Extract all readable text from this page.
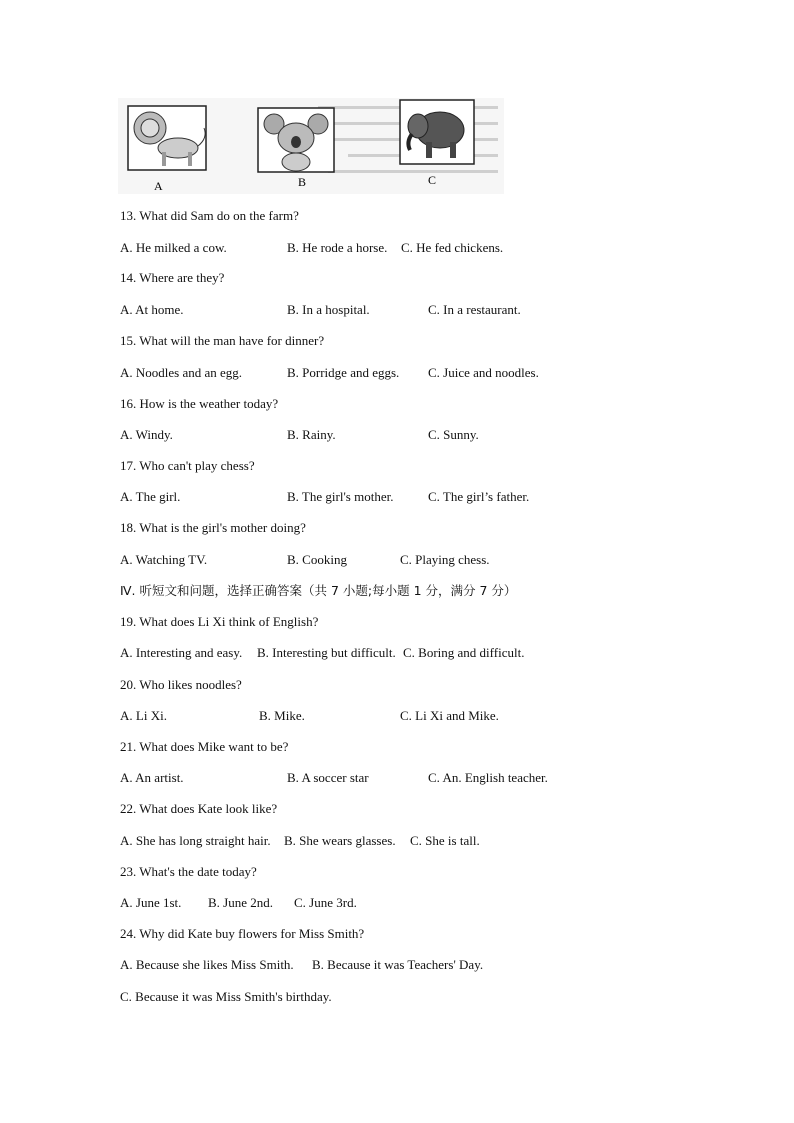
A	B	C
13. What did Sam do on the farm?
A. He milked a cow.	B. He rode a horse. C. He fed chickens.
14. Where are they?
A. At home.	B. In a hospital.	C. In a restaurant.
15. What will the man have for dinner?
A. Noodles and an egg.	B. Porridge and eggs. C. Juice and noodles.
16. How is the weather today?
A. Windy.	B. Rainy.	C. Sunny.
17. Who can't play chess?
A. The girl.	B. The girl's mother.	C. The girl’s father.
18. What is the girl's mother doing?
A. Watching TV.	B. Cooking	C. Playing chess.
Ⅳ. 听短文和问题，选择正确答案（共 7 小题;每小题 1 分，满分 7 分）
19. What does Li Xi think of English?
A. Interesting and easy. B. Interesting but difficult. C. Boring and difficult.
20. Who likes noodles?
A. Li Xi.	B. Mike.	C. Li Xi and Mike.
21. What does Mike want to be?
A. An artist.	B. A soccer star	C. An. English teacher.
22. What does Kate look like?
A. She has long straight hair. B. She wears glasses. C. She is tall.
23. What's the date today?
A. June 1st. B. June 2nd. C. June 3rd.
24. Why did Kate buy flowers for Miss Smith?
A. Because she likes Miss Smith. B. Because it was Teachers' Day.
C. Because it was Miss Smith's birthday.
